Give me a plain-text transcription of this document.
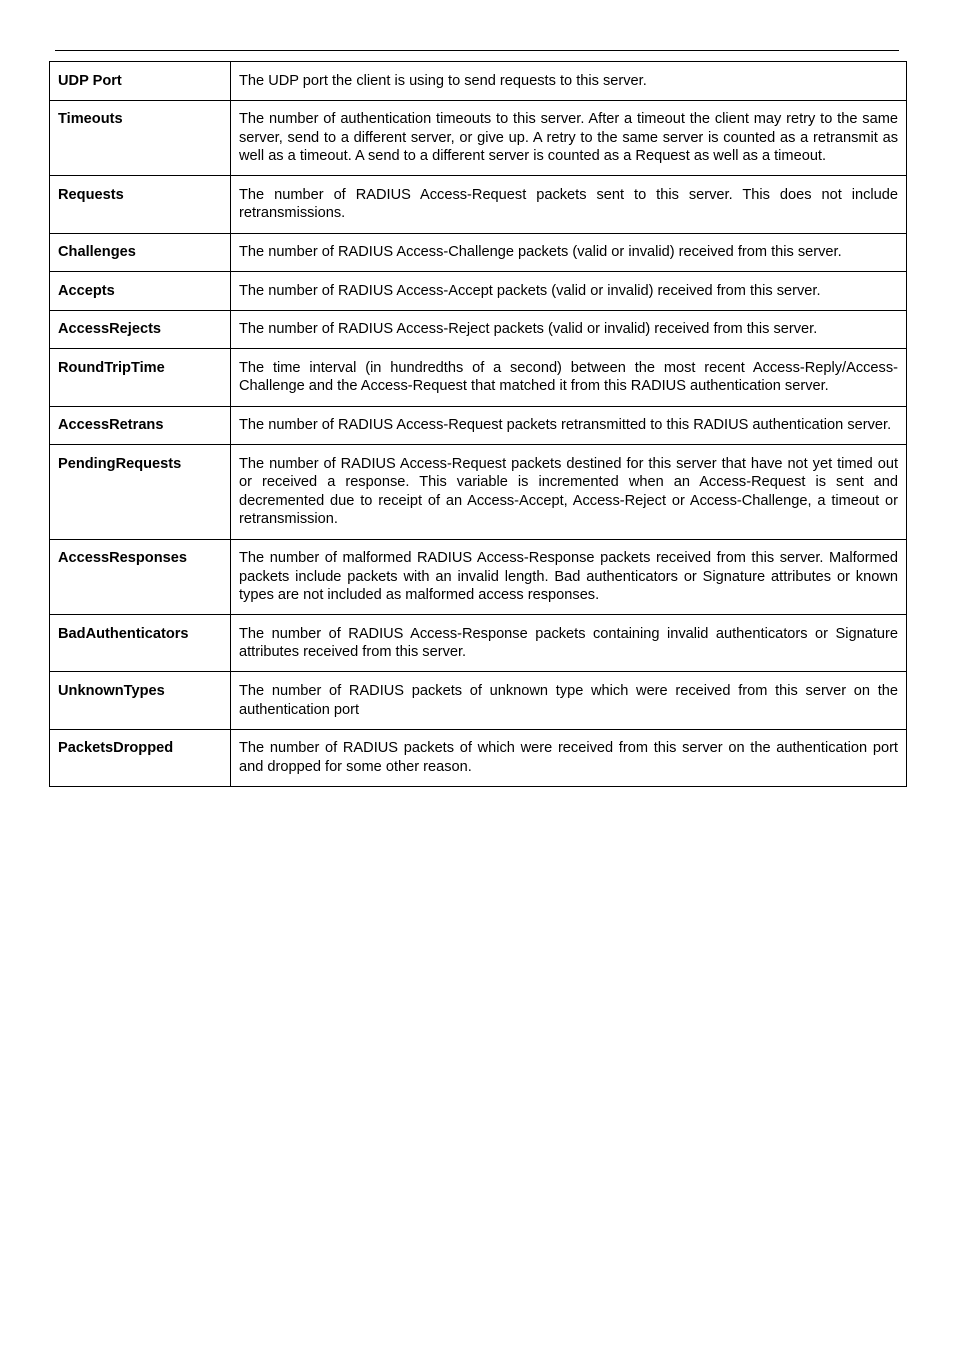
UDP Port	The UDP port the client is using to send requests to this server.
Timeouts	The number of authentication timeouts to this server. After a timeout the client may retry to the same server, send to a different server, or give up. A retry to the same server is counted as a retransmit as well as a timeout. A send to a different server is counted as a Request as well as a timeout.
Requests	The number of RADIUS Access-Request packets sent to this server. This does not include retransmissions.
Challenges	The number of RADIUS Access-Challenge packets (valid or invalid) received from this server.
Accepts	The number of RADIUS Access-Accept packets (valid or invalid) received from this server.
AccessRejects	The number of RADIUS Access-Reject packets (valid or invalid) received from this server.
RoundTripTime	The time interval (in hundredths of a second) between the most recent Access-Reply/Access-Challenge and the Access-Request that matched it from this RADIUS authentication server.
AccessRetrans	The number of RADIUS Access-Request packets retransmitted to this RADIUS authentication server.
PendingRequests	The number of RADIUS Access-Request packets destined for this server that have not yet timed out or received a response. This variable is incremented when an Access-Request is sent and decremented due to receipt of an Access-Accept, Access-Reject or Access-Challenge, a timeout or retransmission.
AccessResponses	The number of malformed RADIUS Access-Response packets received from this server. Malformed packets include packets with an invalid length. Bad authenticators or Signature attributes or known types are not included as malformed access responses.
BadAuthenticators	The number of RADIUS Access-Response packets containing invalid authenticators or Signature attributes received from this server.
UnknownTypes	The number of RADIUS packets of unknown type which were received from this server on the authentication port
PacketsDropped	The number of RADIUS packets of which were received from this server on the authentication port and dropped for some other reason.
